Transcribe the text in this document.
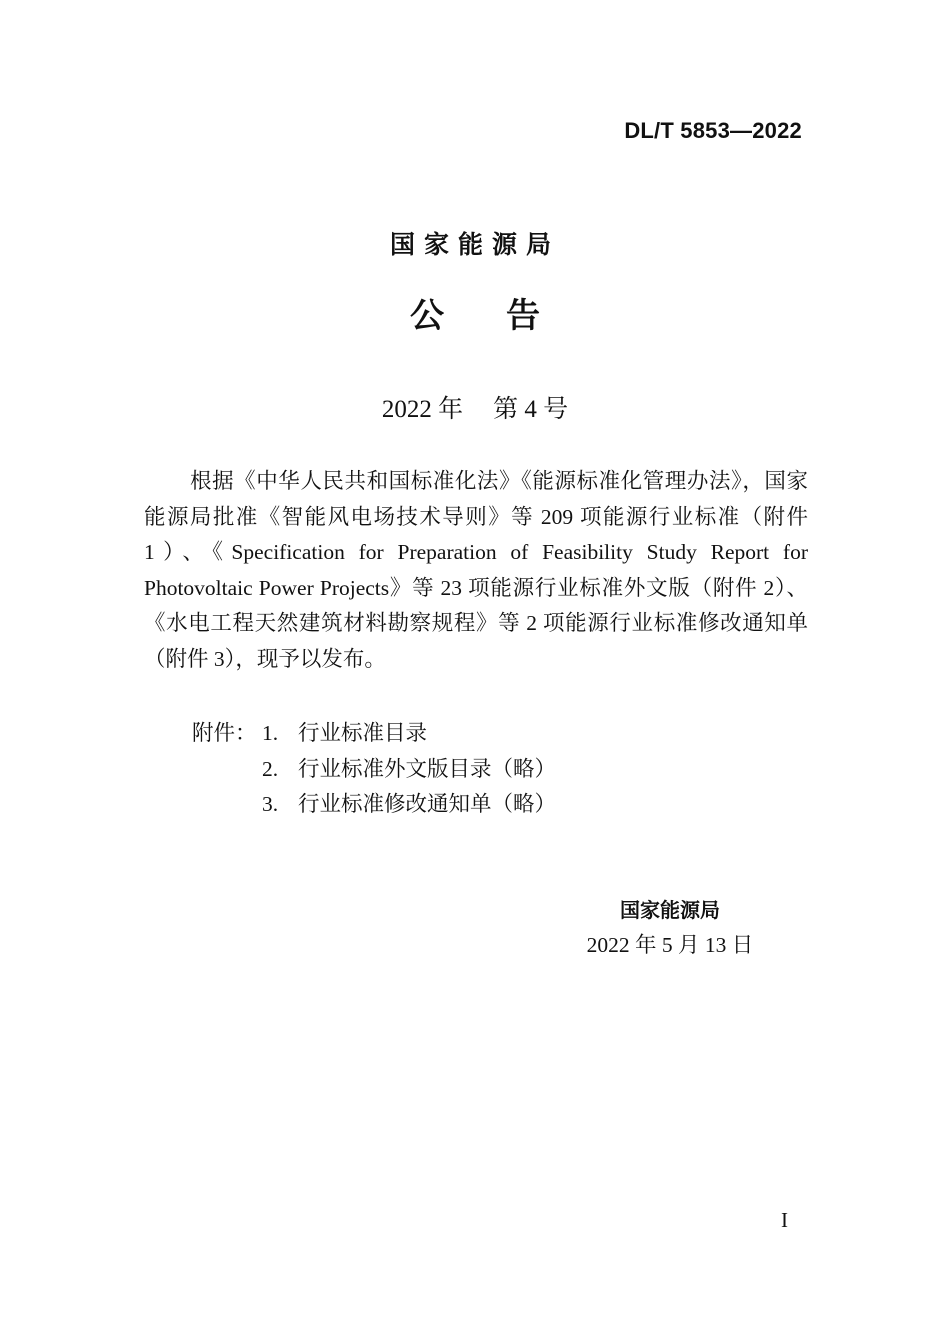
DL/T 5853—2022
国家能源局
公告
2022 年 第 4 号

根据《中华人民共和国标准化法》《能源标准化管理办法》，国家能源局批准《智能风电场技术导则》等 209 项能源行业标准（附件 1）、《Specification for Preparation of Feasibility Study Report for Photovoltaic Power Projects》等 23 项能源行业标准外文版（附件 2）、《水电工程天然建筑材料勘察规程》等 2 项能源行业标准修改通知单（附件 3），现予以发布。

附件： 1. 行业标准目录
2. 行业标准外文版目录（略）
3. 行业标准修改通知单（略）
国家能源局
2022 年 5 月 13 日
I
